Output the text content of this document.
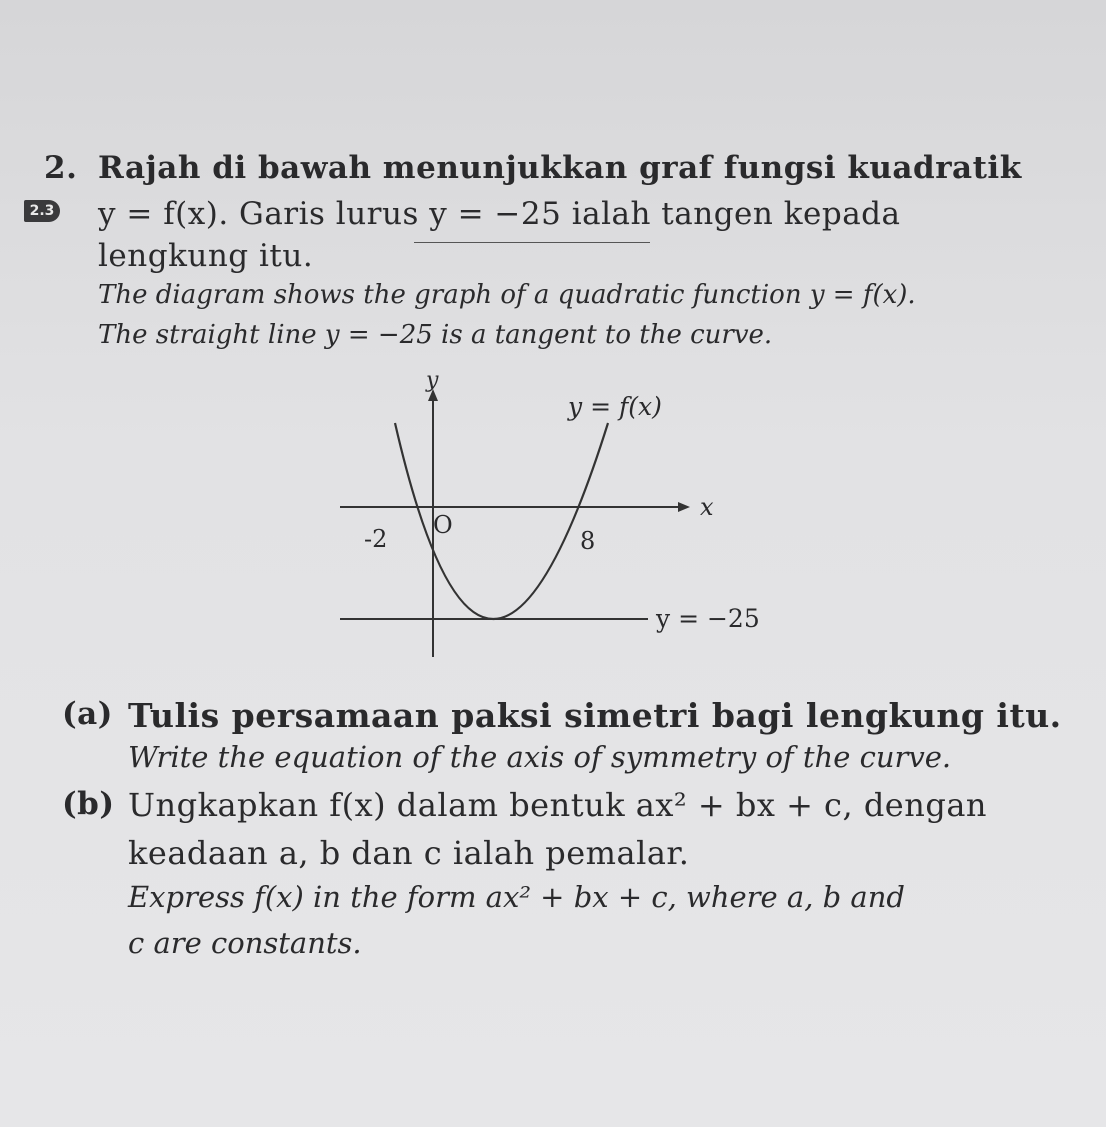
2. Rajah di bawah menunjukkan graf fungsi kuadratik
2.3 y = f(x). Garis lurus y = −25 ialah tangen kepada
lengkung itu.
The diagram shows the graph of a quadratic function y = f(x).
The straight line y = −25 is a tangent to the curve.
y
y = f(x)
x
-2 O
8
y = −25
(a) Tulis persamaan paksi simetri bagi lengkung itu.
Write the equation of the axis of symmetry of the curve.
(b) Ungkapkan f(x) dalam bentuk ax² + bx + c, dengan
keadaan a, b dan c ialah pemalar.
Express f(x) in the form ax² + bx + c, where a, b and
c are constants.
